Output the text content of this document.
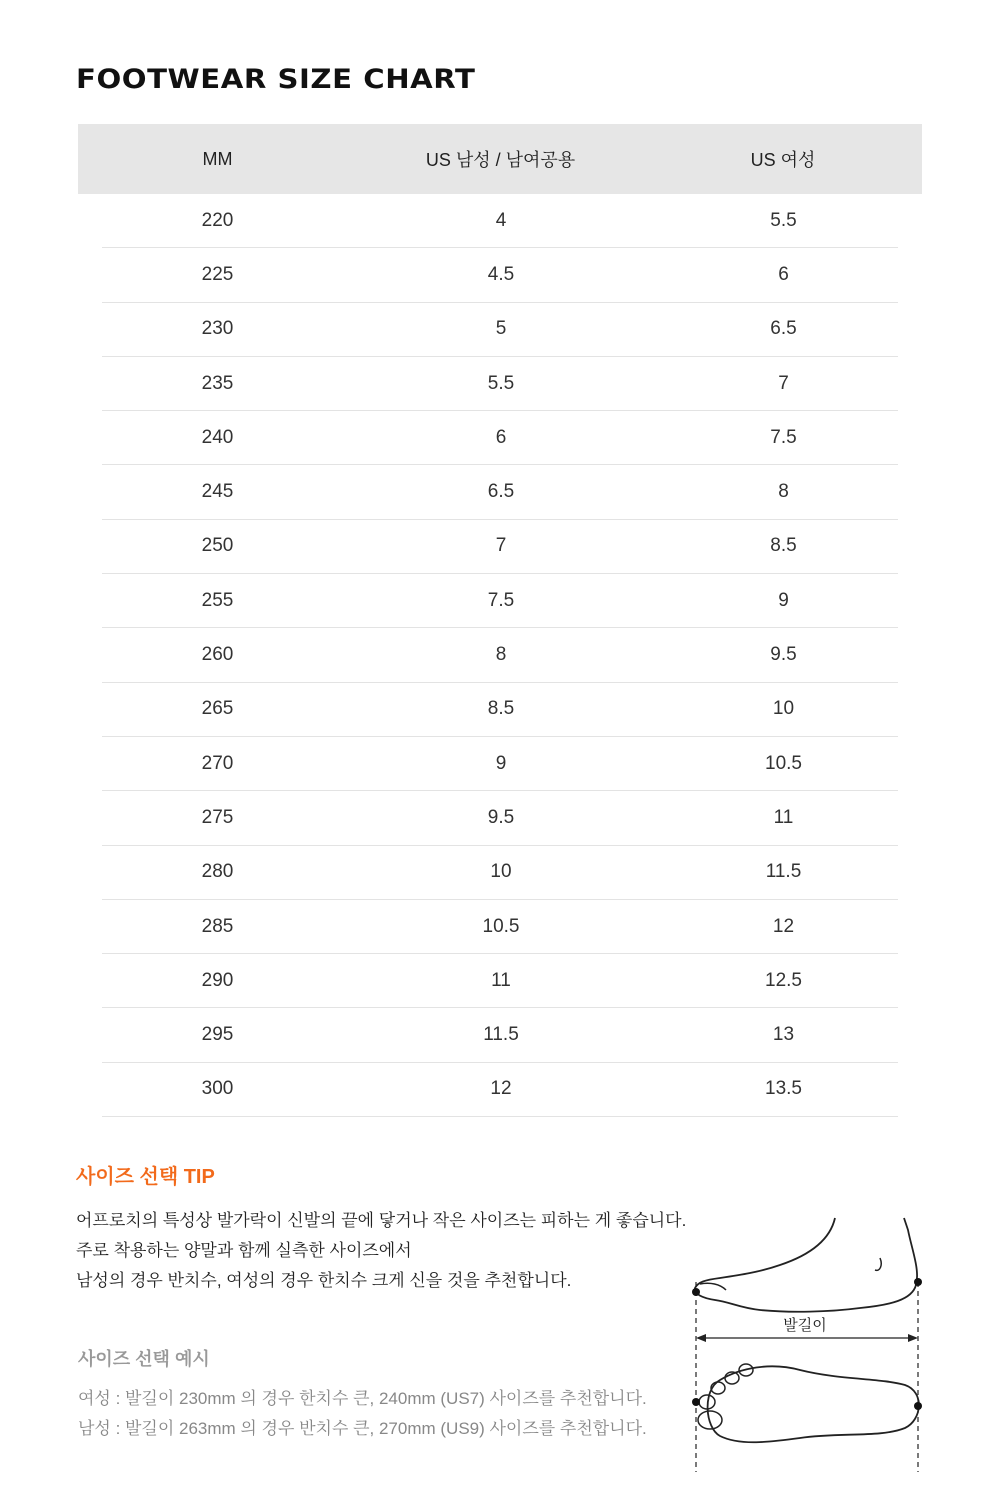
FOOTWEAR SIZE CHART
MM	US 남성 / 남여공용	US 여성
220	4	5.5
225	4.5	6
230	5	6.5
235	5.5	7
240	6	7.5
245	6.5	8
250	7	8.5
255	7.5	9
260	8	9.5
265	8.5	10
270	9	10.5
275	9.5	11
280	10	11.5
285	10.5	12
290	11	12.5
295	11.5	13
300	12	13.5
사이즈 선택 TIP
어프로치의 특성상 발가락이 신발의 끝에 닿거나 작은 사이즈는 피하는 게 좋습니다.
주로 착용하는 양말과 함께 실측한 사이즈에서
남성의 경우 반치수, 여성의 경우 한치수 크게 신을 것을 추천합니다.
사이즈 선택 예시
여성 : 발길이 230mm 의 경우 한치수 큰, 240mm (US7) 사이즈를 추천합니다.
남성 : 발길이 263mm 의 경우 반치수 큰, 270mm (US9) 사이즈를 추천합니다.
발길이
